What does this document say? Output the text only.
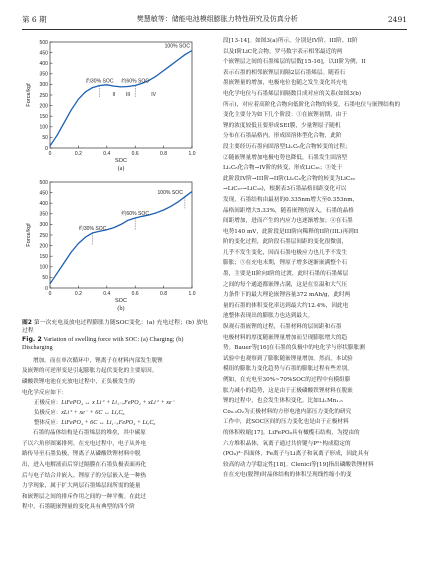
第 6 期	樊慧敏等：储能电池模组膨胀力特性研究及仿真分析	2491
0
50
100
150
200
250
300
350
400
450
500
0	0.2	0.4	0.6	0.8	1.0
SOC
Force/kgf
(a)
100% SOC
约30% SOC 约60% SOC
II III	IV
0
50
100
150
200
250
300
350
400
450
500
0	0.2	0.4	0.6	0.8	1.0
SOC
Force/kgf
(b)
100% SOC
约60% SOC
约30% SOC
图2 第一次充电及放电过程膨胀力随SOC变化：(a) 充电过程；(b) 放电过程
Fig. 2 Variation of swelling force with SOC: (a) Charging; (b) Discharging
增加。而在单次循环中，锂离子在材料内部发生脱锂
及嵌锂的可逆形变是引起膨胀力起伏变化的主要原因。
磷酸铁锂电池在充放电过程中，正负极发生的
电化学反应如下：
正极反应：LiFePO₄ ↔ x Li⁺ + Li₁₋ₓFePO₄ + xLi⁺ + xe⁻
负极反应：xLi⁺ + xe⁻ + 6C ↔ LiₓC₆
整体反应：LiFePO₄ + 6C ↔ Li₁₋ₓFePO₄ + LiₓC₆
石墨的晶体结构是石墨烯层的堆垒，其中碳原
子以六角形图案排列。在充电过程中，电子从外电
路传导至石墨负极，锂离子从磷酸铁锂材料中脱
出，进入电解液而后穿过隔膜在石墨负极表面再化
后与电子结合并嵌入。锂原子的分层嵌入是一种热
力学现象，属于扩大两层石墨烯层间所需的能量
和嵌锂层之间的排斥作用之间的一种平衡。在此过
程中，石墨随嵌锂量的变化具有典型的四个阶
段[13-14]。如图3(a)所示，分别是IV阶、III阶、II阶
以及I阶LiC化合物。罗马数字表示相邻最近的两
个嵌锂层之间的石墨烯层的层数[15-16]，以II阶为例，II
表示石墨的相邻嵌锂层间隔2层石墨烯层。随着石
墨嵌锂量的增加，电极电位也随之发生变化其充电
电化学电位与石墨烯层间隔数目成对应的关系(如图3(b)
所示)，对应着高阶化合物向低阶化合物的转变，石墨电位与嵌锂结构的
变化主要分为如下几个阶段：①在嵌锂初期，由于
锂的浓度较低且要形成SEI膜，少量锂原子随机
分布在石墨晶格内，形成固溶体型化合物，此阶
段主要经历石墨向固溶型LiₓC₆化合物转变的过程；
②随嵌锂量增加电极电势也降低，石墨发生固溶型
LiₓC₆化合物→IV阶的转变，形成LiC₃₆；③处于
此阶段IV阶→III阶→II阶(LiₓC₆化合物的转变为LiC₃₆
→LiC₂₇→LiC₁₈)，根据表3石墨晶格间距变化可以
发现，石墨结构由最初的0.335nm增大至0.353nm，
晶格间距增大5.33%，随着嵌锂的深入，石墨的晶格
间距增加，进而产生的内应力也逐渐增加；④在石墨
电势140 mV，此阶段是III阶向稀释的II阶(IIL)再到II
阶的变化过程，此阶段石墨层间距的变化很微弱，
几乎不发生变化，因而石墨电极应力也几乎不发生
膨胀；⑤在充电末期，锂原子增多逐渐嵌满整个石
墨，主要是II阶向I阶的过渡，此时石墨的石墨烯层
之间的每个通道都嵌锂占满，这是在室温和大气压
力条件下的最大理论嵌锂容量372 mAh/g，此时两
量的石墨的体积变化率达到最大约12.4%，因此电
池整体表现出的膨胀力也达到最大。
纵观石墨嵌锂的过程，石墨材料的层间距和石墨
电极材料的厚度随嵌锂量增加而呈现膨胀增大的趋
势。Bauer等[16]在石墨的负极中的电化学与形状膨胀测
试验中也观察到了膨胀随嵌锂量增加。然而，本试验
模组的膨胀力变化趋势与石墨的膨胀过程有些差别，
例如，在充电至30%~70%SOC的过程中有模组膨
胀力减小的趋势，这是由于正极磷酸铁锂材料在脱嵌
锂的过程中，也会发生体积变化。比如LiₓMn₁.₅
Co₀.₅O₂为正极材料的方形电池内部压力变化的研究
工作中，此SOC区间的压力变化也是由于正极材料
的体积收缩[17]。LiFePO₄具有橄榄石结构，为提由的
六方堆积晶体，氧离子通过共价键与P⁵⁺构成稳定的
(PO₄)³⁻四面体，Fe离子与Li离子和氧离子形成，因此具有
较高的动力学稳定性[18]。Clenici等[19]指出磷酸铁锂材料
在在充电(脱锂)时晶体结构的体积呈现线性缩小的变
